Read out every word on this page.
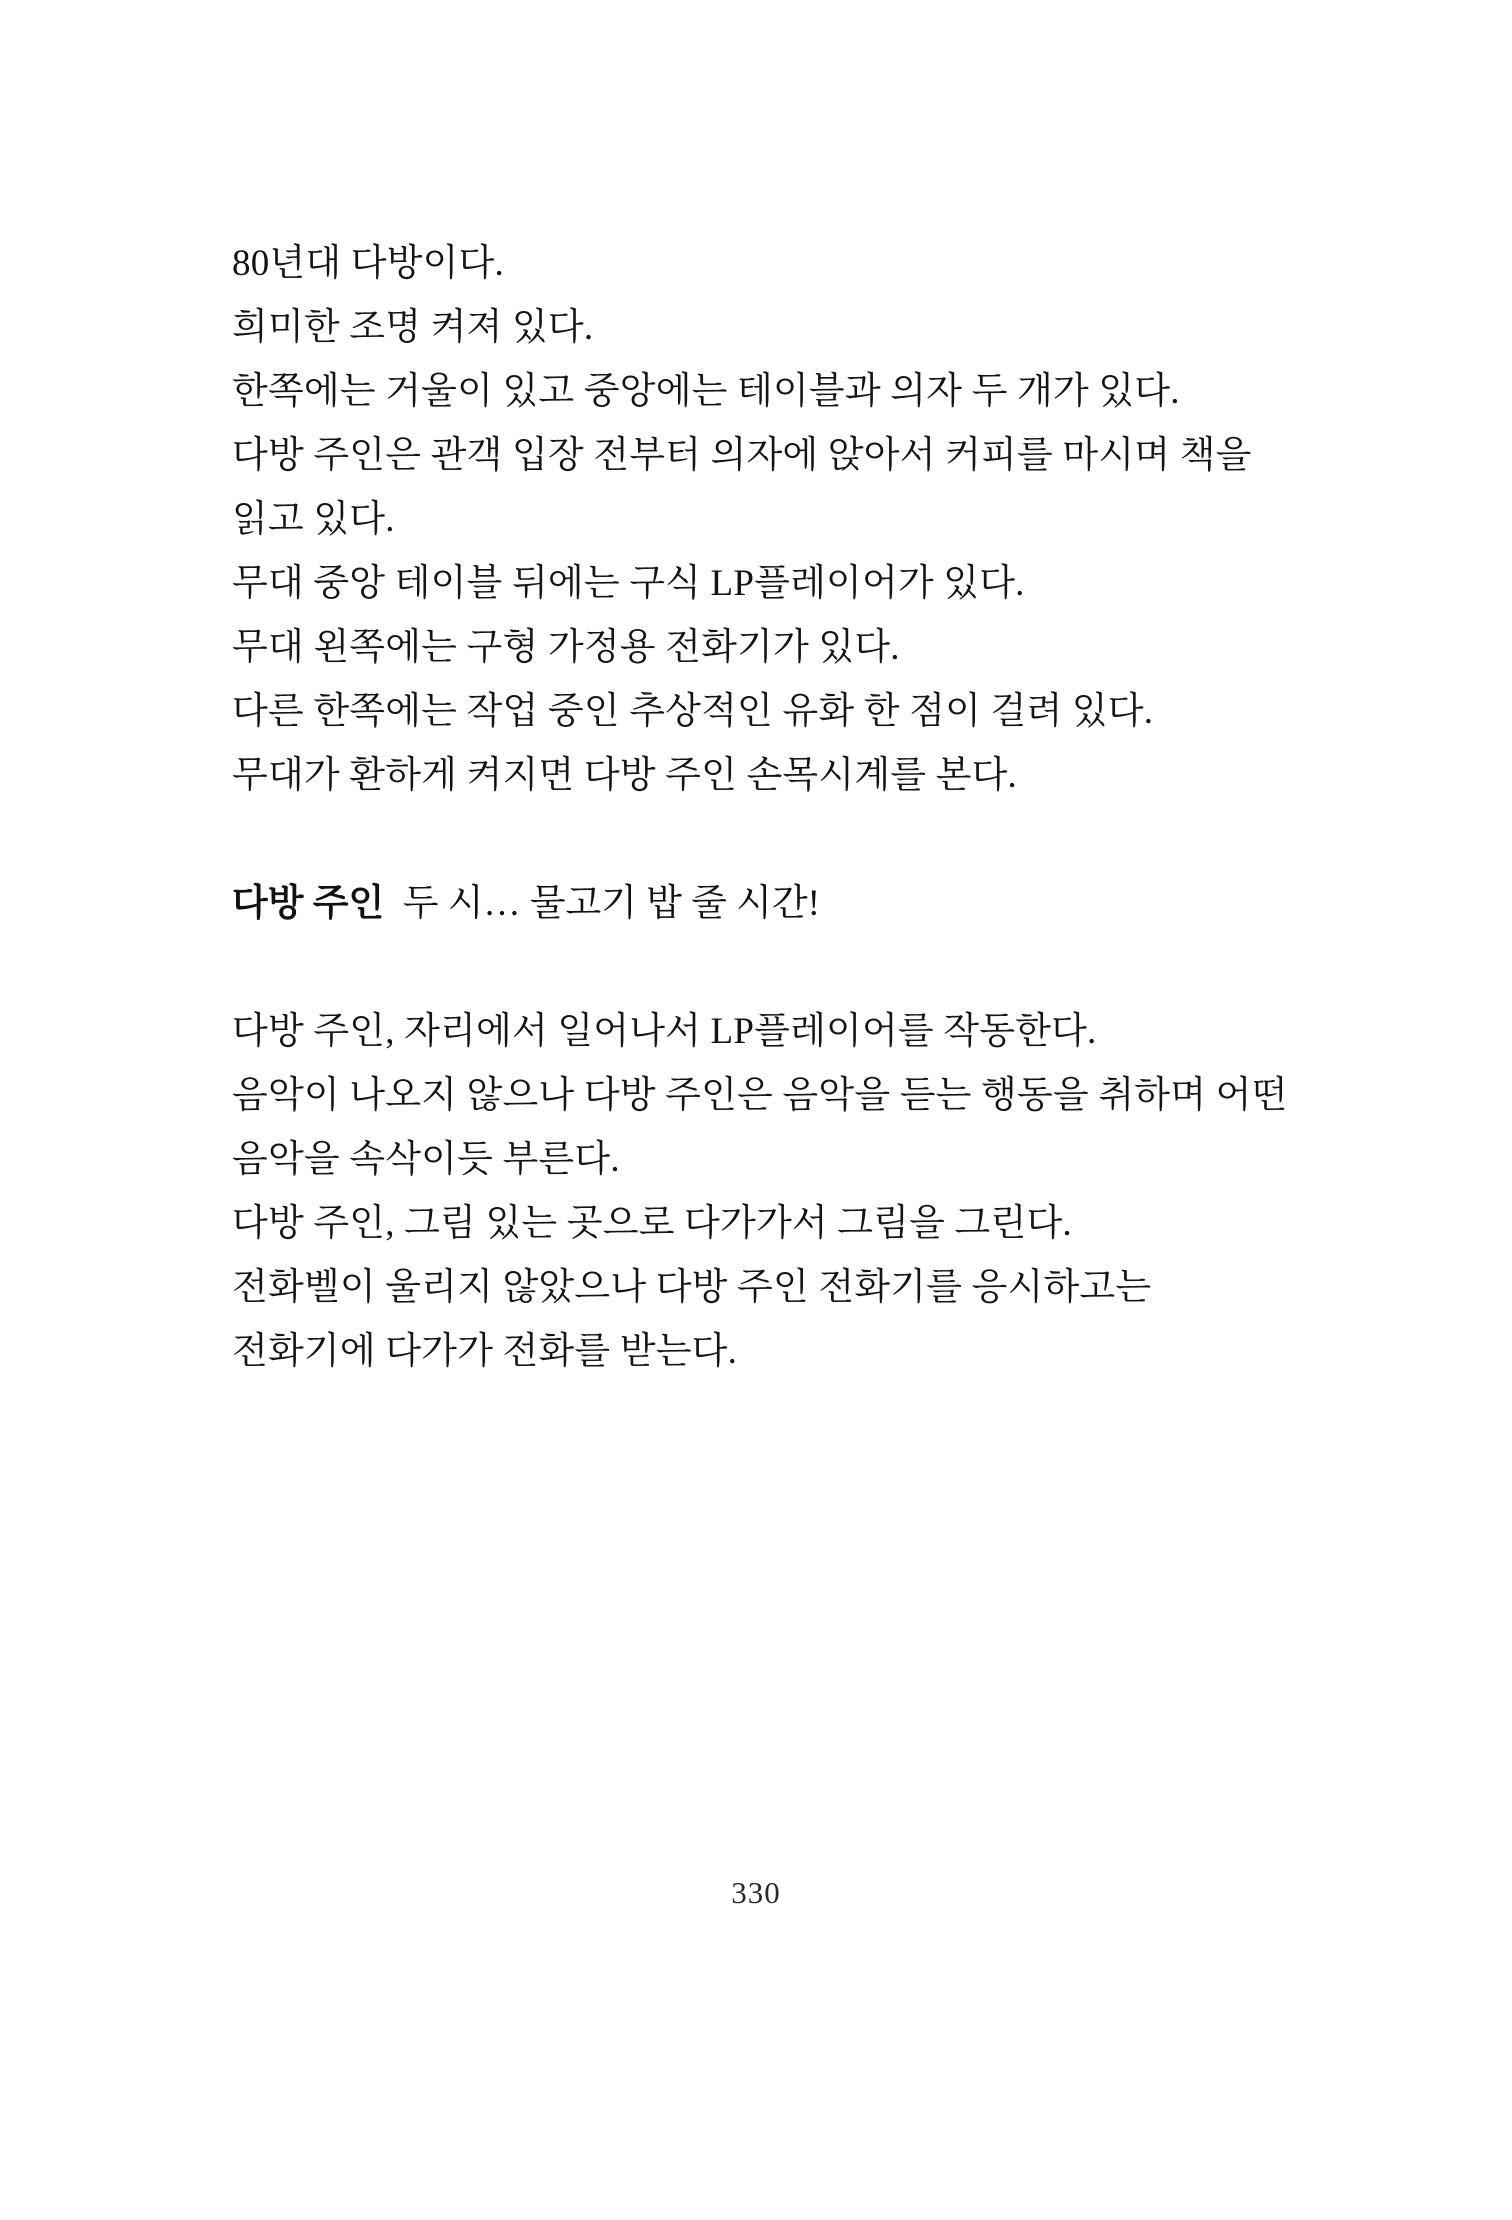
80년대 다방이다.

희미한 조명 켜져 있다.

한쪽에는 거울이 있고 중앙에는 테이블과 의자 두 개가 있다.

다방 주인은 관객 입장 전부터 의자에 앉아서 커피를 마시며 책을 읽고 있다.

무대 중앙 테이블 뒤에는 구식 LP플레이어가 있다.

무대 왼쪽에는 구형 가정용 전화기가 있다.

다른 한쪽에는 작업 중인 추상적인 유화 한 점이 걸려 있다.

무대가 환하게 켜지면 다방 주인 손목시계를 본다.

다방 주인 두 시… 물고기 밥 줄 시간!

다방 주인, 자리에서 일어나서 LP플레이어를 작동한다.

음악이 나오지 않으나 다방 주인은 음악을 듣는 행동을 취하며 어떤 음악을 속삭이듯 부른다.

다방 주인, 그림 있는 곳으로 다가가서 그림을 그린다.

전화벨이 울리지 않았으나 다방 주인 전화기를 응시하고는 전화기에 다가가 전화를 받는다.

330
